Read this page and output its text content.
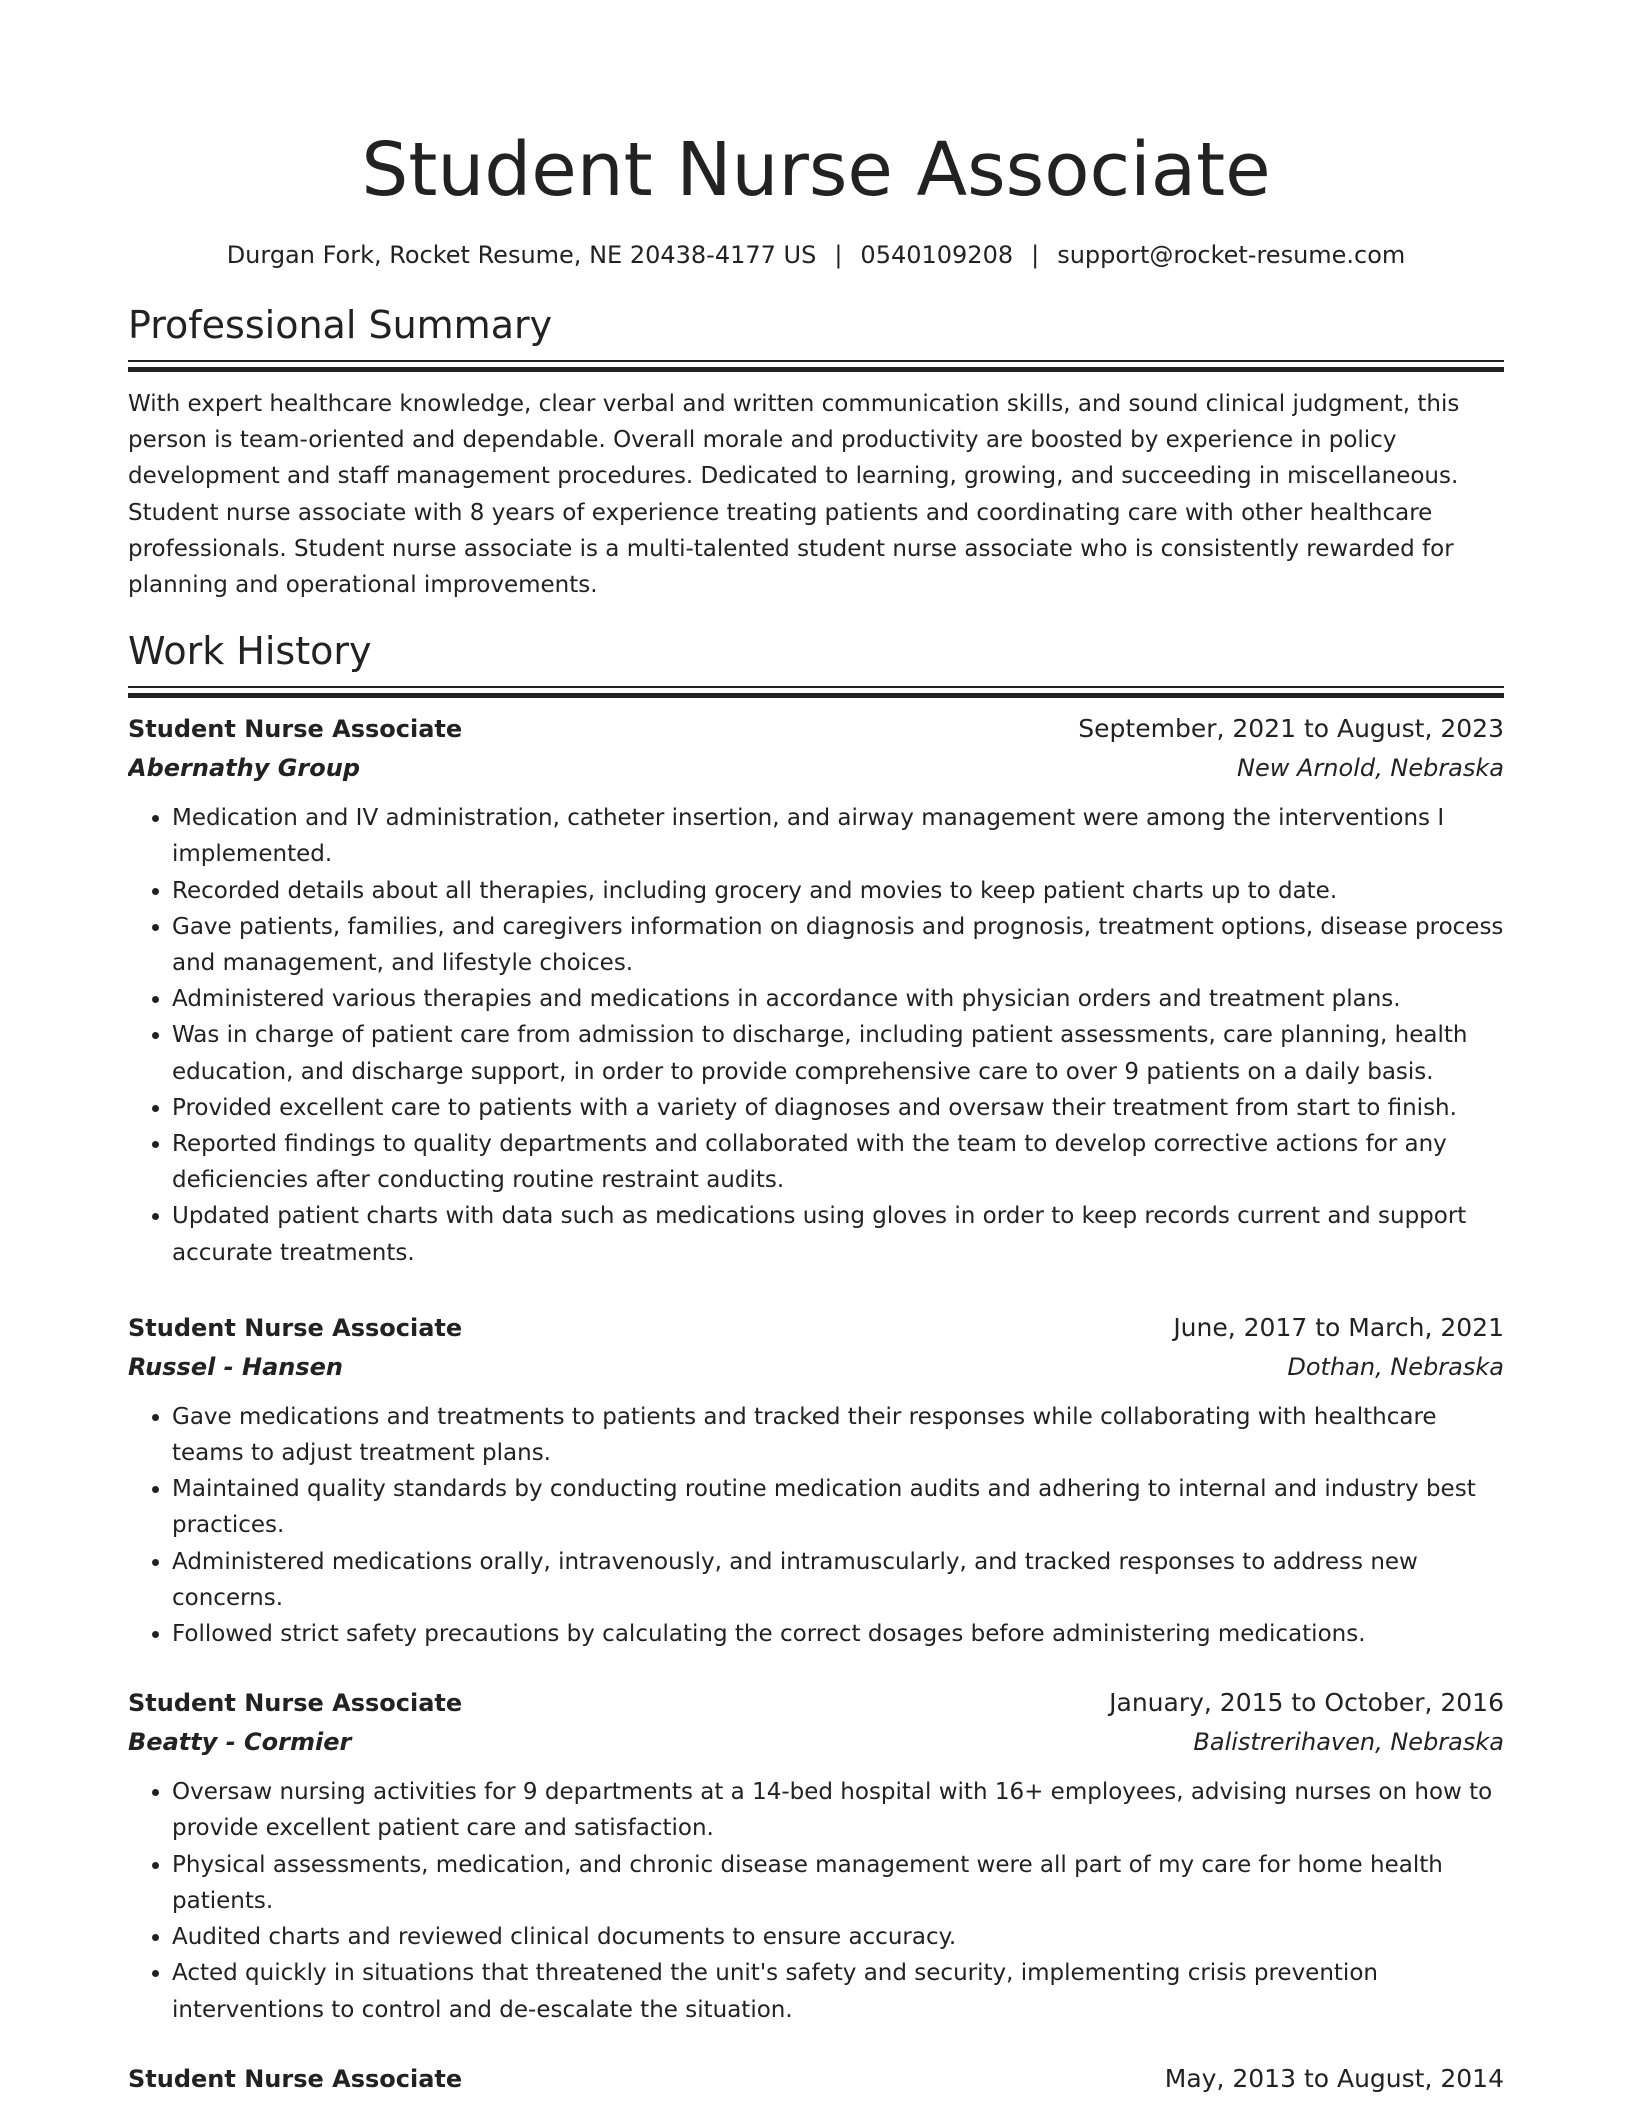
Student Nurse Associate
Durgan Fork, Rocket Resume, NE 20438-4177 US | 0540109208 | support@rocket-resume.com
Professional Summary

With expert healthcare knowledge, clear verbal and written communication skills, and sound clinical judgment, this person is team-oriented and dependable. Overall morale and productivity are boosted by experience in policy development and staff management procedures. Dedicated to learning, growing, and succeeding in miscellaneous. Student nurse associate with 8 years of experience treating patients and coordinating care with other healthcare professionals. Student nurse associate is a multi-talented student nurse associate who is consistently rewarded for planning and operational improvements.

Work History
Student Nurse Associate	September, 2021 to August, 2023
Abernathy Group	New Arnold, Nebraska
• Medication and IV administration, catheter insertion, and airway management were among the interventions I implemented.
• Recorded details about all therapies, including grocery and movies to keep patient charts up to date.
• Gave patients, families, and caregivers information on diagnosis and prognosis, treatment options, disease process and management, and lifestyle choices.
• Administered various therapies and medications in accordance with physician orders and treatment plans.
• Was in charge of patient care from admission to discharge, including patient assessments, care planning, health education, and discharge support, in order to provide comprehensive care to over 9 patients on a daily basis.
• Provided excellent care to patients with a variety of diagnoses and oversaw their treatment from start to finish.
• Reported findings to quality departments and collaborated with the team to develop corrective actions for any deficiencies after conducting routine restraint audits.
• Updated patient charts with data such as medications using gloves in order to keep records current and support accurate treatments.
Student Nurse Associate	June, 2017 to March, 2021
Russel - Hansen	Dothan, Nebraska
• Gave medications and treatments to patients and tracked their responses while collaborating with healthcare teams to adjust treatment plans.
• Maintained quality standards by conducting routine medication audits and adhering to internal and industry best practices.
• Administered medications orally, intravenously, and intramuscularly, and tracked responses to address new concerns.
• Followed strict safety precautions by calculating the correct dosages before administering medications.
Student Nurse Associate	January, 2015 to October, 2016
Beatty - Cormier	Balistrerihaven, Nebraska
• Oversaw nursing activities for 9 departments at a 14-bed hospital with 16+ employees, advising nurses on how to provide excellent patient care and satisfaction.
• Physical assessments, medication, and chronic disease management were all part of my care for home health patients.
• Audited charts and reviewed clinical documents to ensure accuracy.
• Acted quickly in situations that threatened the unit's safety and security, implementing crisis prevention interventions to control and de-escalate the situation.
Student Nurse Associate	May, 2013 to August, 2014
